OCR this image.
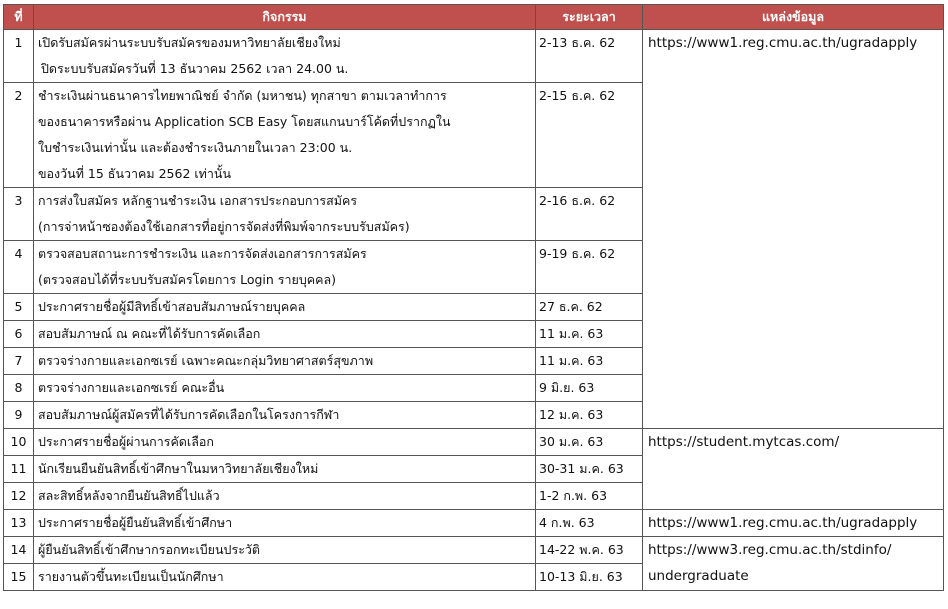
ที่	กิจกรรม	ระยะเวลา	แหล่งข้อมูล
1	เปิดรับสมัครผ่านระบบรับสมัครของมหาวิทยาลัยเชียงใหม่
ปิดระบบรับสมัครวันที่ 13 ธันวาคม 2562 เวลา 24.00 น.	2-13 ธ.ค. 62	https://www1.reg.cmu.ac.th/ugradapply

2	ชำระเงินผ่านธนาคารไทยพาณิชย์ จำกัด (มหาชน) ทุกสาขา ตามเวลาทำการ
ของธนาคารหรือผ่าน Application SCB Easy โดยสแกนบาร์โค้ดที่ปรากฏใน
ใบชำระเงินเท่านั้น และต้องชำระเงินภายในเวลา 23:00 น.
ของวันที่ 15 ธันวาคม 2562 เท่านั้น	2-15 ธ.ค. 62	
3	การส่งใบสมัคร หลักฐานชำระเงิน เอกสารประกอบการสมัคร
(การจ่าหน้าซองต้องใช้เอกสารที่อยู่การจัดส่งที่พิมพ์จากระบบรับสมัคร)	2-16 ธ.ค. 62	
4	ตรวจสอบสถานะการชำระเงิน และการจัดส่งเอกสารการสมัคร
(ตรวจสอบได้ที่ระบบรับสมัครโดยการ Login รายบุคคล)	9-19 ธ.ค. 62	
5	ประกาศรายชื่อผู้มีสิทธิ์เข้าสอบสัมภาษณ์รายบุคคล	27 ธ.ค. 62	
6	สอบสัมภาษณ์ ณ คณะที่ได้รับการคัดเลือก	11 ม.ค. 63	
7	ตรวจร่างกายและเอกซเรย์ เฉพาะคณะกลุ่มวิทยาศาสตร์สุขภาพ	11 ม.ค. 63	
8	ตรวจร่างกายและเอกซเรย์ คณะอื่น	9 มิ.ย. 63	
9	สอบสัมภาษณ์ผู้สมัครที่ได้รับการคัดเลือกในโครงการกีฬา	12 ม.ค. 63	
10	ประกาศรายชื่อผู้ผ่านการคัดเลือก	30 ม.ค. 63	https://student.mytcas.com/

11	นักเรียนยืนยันสิทธิ์เข้าศึกษาในมหาวิทยาลัยเชียงใหม่	30-31 ม.ค. 63	
12	สละสิทธิ์หลังจากยืนยันสิทธิ์ไปแล้ว	1-2 ก.พ. 63	
13	ประกาศรายชื่อผู้ยืนยันสิทธิ์เข้าศึกษา	4 ก.พ. 63	https://www1.reg.cmu.ac.th/ugradapply

14	ผู้ยืนยันสิทธิ์เข้าศึกษากรอกทะเบียนประวัติ	14-22 พ.ค. 63	https://www3.reg.cmu.ac.th/stdinfo/
undergraduate

15	รายงานตัวขึ้นทะเบียนเป็นนักศึกษา	10-13 มิ.ย. 63	
